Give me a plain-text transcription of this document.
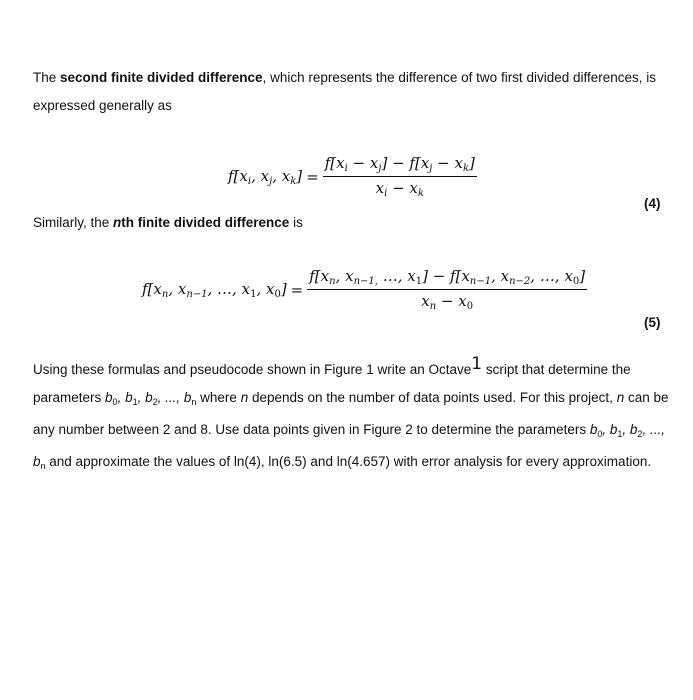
The second finite divided difference, which represents the difference of two first divided differences, is expressed generally as
$f[x_i$, $x_j$, $x_k] = \frac{f[x_i - x_j] - f[x_j - x_k]}{x_i - x_k}$
(4)
Similarly, the nth finite divided difference is
$f[x_n$, $x_{n-1}$, …, $x_1$, $x_0] = \frac{f[x_n, x_{n-1,} \dots, x_1] - f[x_{n-1}, x_{n-2}, \dots, x_0]}{x_n - x_0}$
(5)
Using these formulas and pseudocode shown in Figure 1 write an Octave$^1$ script that determine the parameters $b_0$, $b_1$, $b_2$, ..., $b_n$ where n depends on the number of data points used. For this project, n can be any number between 2 and 8. Use data points given in Figure 2 to determine the parameters $b_0$, $b_1$, $b_2$, ..., $b_n$ and approximate the values of ln(4), ln(6.5) and ln(4.657) with error analysis for every approximation.
